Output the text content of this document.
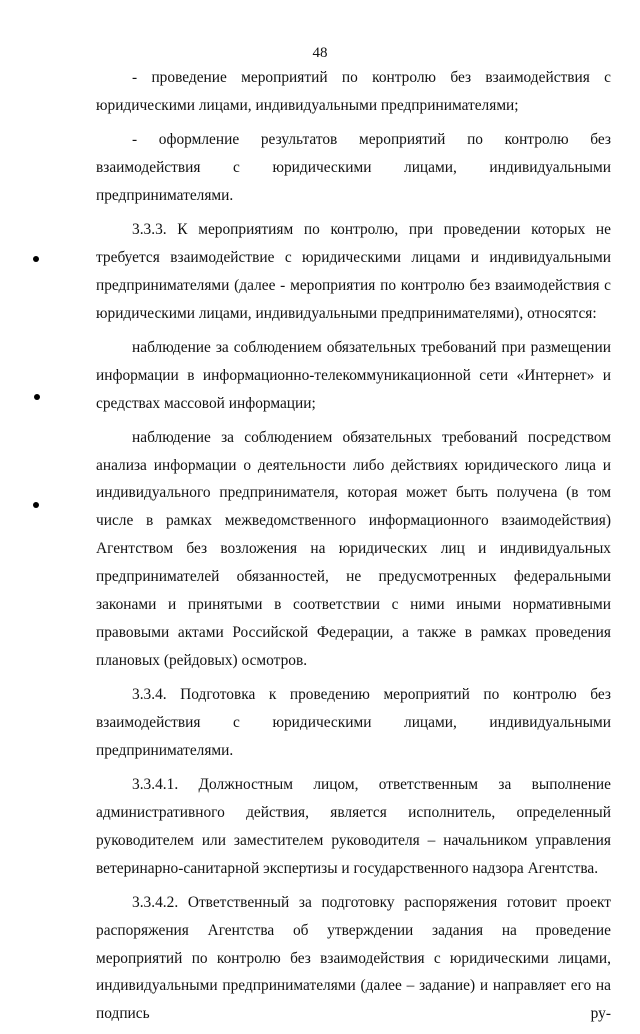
48

- проведение мероприятий по контролю без взаимодействия с юридическими лицами, индивидуальными предпринимателями;

- оформление результатов мероприятий по контролю без взаимодействия с юридическими лицами, индивидуальными предпринимателями.

3.3.3. К мероприятиям по контролю, при проведении которых не требуется взаимодействие с юридическими лицами и индивидуальными предпринимателями (далее - мероприятия по контролю без взаимодействия с юридическими лицами, индивидуальными предпринимателями), относятся:

наблюдение за соблюдением обязательных требований при размещении информации в информационно-телекоммуникационной сети «Интернет» и средствах массовой информации;

наблюдение за соблюдением обязательных требований посредством анализа информации о деятельности либо действиях юридического лица и индивидуального предпринимателя, которая может быть получена (в том числе в рамках межведомственного информационного взаимодействия) Агентством без возложения на юридических лиц и индивидуальных предпринимателей обязанностей, не предусмотренных федеральными законами и принятыми в соответствии с ними иными нормативными правовыми актами Российской Федерации, а также в рамках проведения плановых (рейдовых) осмотров.

3.3.4. Подготовка к проведению мероприятий по контролю без взаимодействия с юридическими лицами, индивидуальными предпринимателями.

3.3.4.1. Должностным лицом, ответственным за выполнение административного действия, является исполнитель, определенный руководителем или заместителем руководителя – начальником управления ветеринарно-санитарной экспертизы и государственного надзора Агентства.

3.3.4.2. Ответственный за подготовку распоряжения готовит проект распоряжения Агентства об утверждении задания на проведение мероприятий по контролю без взаимодействия с юридическими лицами, индивидуальными предпринимателями (далее – задание) и направляет его на подпись ру-
